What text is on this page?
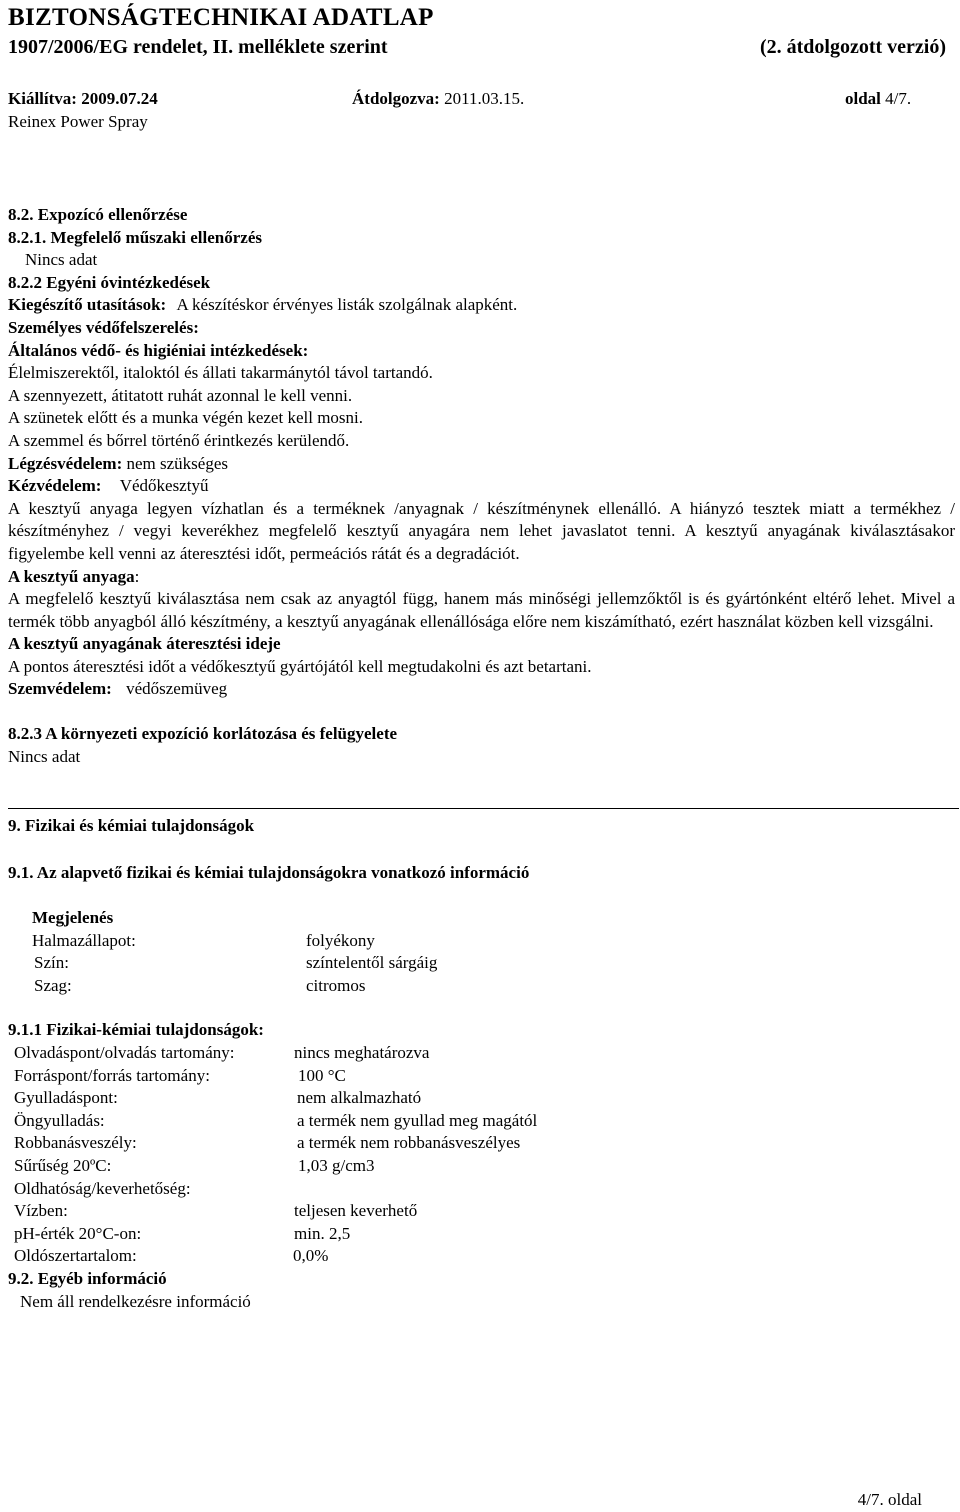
BIZTONSÁGTECHNIKAI ADATLAP
1907/2006/EG rendelet, II. melléklete szerint	(2. átdolgozott verzió)
Kiállítva: 2009.07.24	Átdolgozva: 2011.03.15.	oldal 4/7.
Reinex Power Spray

8.2. Expozícó ellenőrzése

8.2.1. Megfelelő műszaki ellenőrzés

Nincs adat

8.2.2 Egyéni óvintézkedések

Kiegészítő utasítások: A készítéskor érvényes listák szolgálnak alapként.

Személyes védőfelszerelés:

Általános védő- és higiéniai intézkedések:

Élelmiszerektől, italoktól és állati takarmánytól távol tartandó.

A szennyezett, átitatott ruhát azonnal le kell venni.

A szünetek előtt és a munka végén kezet kell mosni.

A szemmel és bőrrel történő érintkezés kerülendő.

Légzésvédelem: nem szükséges

Kézvédelem: Védőkesztyű

A kesztyű anyaga legyen vízhatlan és a terméknek /anyagnak / készítménynek ellenálló. A hiányzó tesztek miatt a termékhez / készítményhez / vegyi keverékhez megfelelő kesztyű anyagára nem lehet javaslatot tenni. A kesztyű anyagának kiválasztásakor figyelembe kell venni az áteresztési időt, permeációs rátát és a degradációt.

A kesztyű anyaga:

A megfelelő kesztyű kiválasztása nem csak az anyagtól függ, hanem más minőségi jellemzőktől is és gyártónként eltérő lehet. Mivel a termék több anyagból álló készítmény, a kesztyű anyagának ellenállósága előre nem kiszámítható, ezért használat közben kell vizsgálni.

A kesztyű anyagának áteresztési ideje

A pontos áteresztési időt a védőkesztyű gyártójától kell megtudakolni és azt betartani.

Szemvédelem: védőszemüveg

8.2.3 A környezeti expozíció korlátozása és felügyelete

Nincs adat

9. Fizikai és kémiai tulajdonságok
9.1. Az alapvető fizikai és kémiai tulajdonságokra vonatkozó információ
Megjelenés
Halmazállapot:	folyékony
Szín:	színtelentől sárgáig
Szag:	citromos
9.1.1 Fizikai-kémiai tulajdonságok:
Olvadáspont/olvadás tartomány:	nincs meghatározva
Forráspont/forrás tartomány:	100 °C
Gyulladáspont:	nem alkalmazható
Öngyulladás:	a termék nem gyullad meg magától
Robbanásveszély:	a termék nem robbanásveszélyes
Sűrűség 20ºC:	1,03 g/cm3
Oldhatóság/keverhetőség:
Vízben:	teljesen keverhető
pH-érték 20°C-on:	min. 2,5
Oldószertartalom:	0,0%
9.2. Egyéb információ
Nem áll rendelkezésre információ
4/7. oldal
